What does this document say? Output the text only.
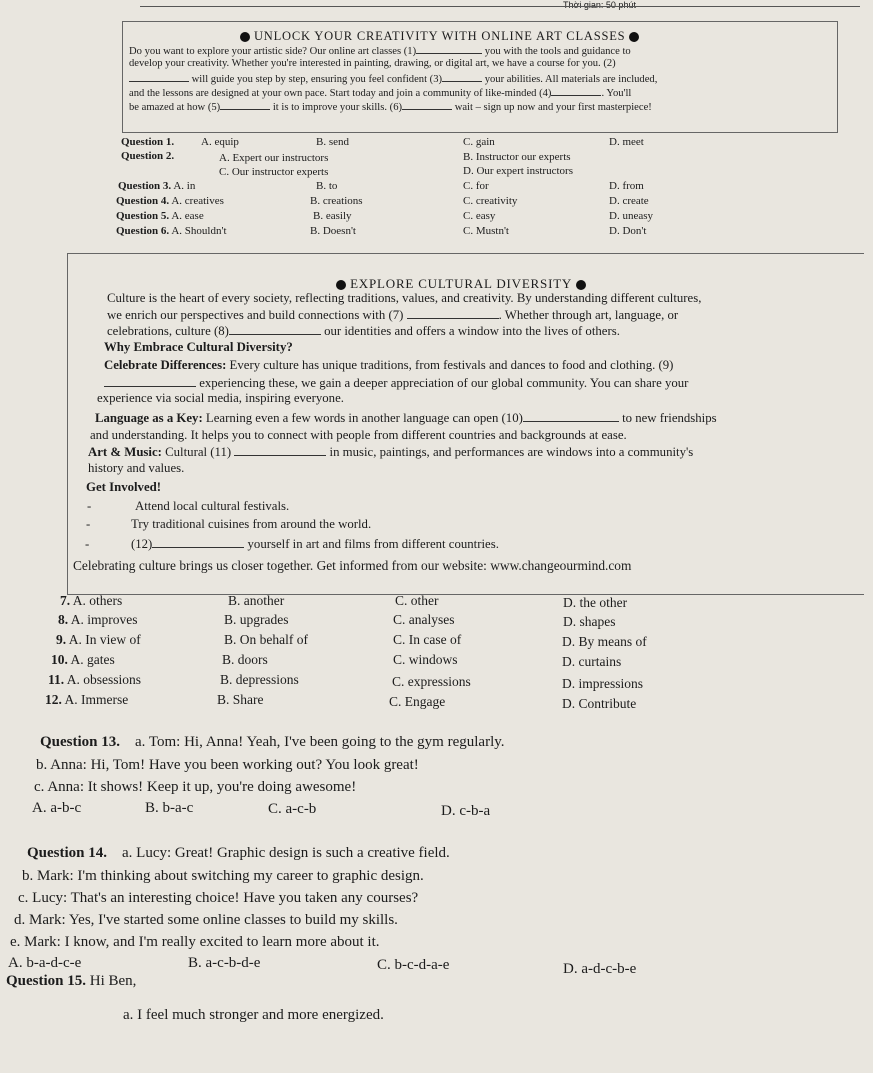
Thời gian: 50 phút
UNLOCK YOUR CREATIVITY WITH ONLINE ART CLASSES
Do you want to explore your artistic side? Our online art classes (1)	you with the tools and guidance to
develop your creativity. Whether you're interested in painting, drawing, or digital art, we have a course for you. (2)
will guide you step by step, ensuring you feel confident (3)	your abilities. All materials are included,
and the lessons are designed at your own pace. Start today and join a community of like-minded (4)	. You'll
be amazed at how (5)	it is to improve your skills. (6)	wait – sign up now and your first masterpiece!
Question 1. A. equip	B. send	C. gain	D. meet
Question 2.	A. Expert our instructors	B. Instructor our experts
C. Our instructor experts	D. Our expert instructors
Question 3. A. in	B. to	C. for	D. from
Question 4. A. creatives	B. creations	C. creativity	D. create
Question 5. A. ease	B. easily	C. easy	D. uneasy
Question 6. A. Shouldn't	B. Doesn't	C. Mustn't	D. Don't
EXPLORE CULTURAL DIVERSITY
Culture is the heart of every society, reflecting traditions, values, and creativity. By understanding different cultures,
we enrich our perspectives and build connections with (7)	. Whether through art, language, or
celebrations, culture (8)	our identities and offers a window into the lives of others.
Why Embrace Cultural Diversity?
Celebrate Differences: Every culture has unique traditions, from festivals and dances to food and clothing. (9)
experiencing these, we gain a deeper appreciation of our global community. You can share your
experience via social media, inspiring everyone.
Language as a Key: Learning even a few words in another language can open (10)	to new friendships
and understanding. It helps you to connect with people from different countries and backgrounds at ease.
Art & Music: Cultural (11)	in music, paintings, and performances are windows into a community's
history and values.
Get Involved!
-	Attend local cultural festivals.
-	Try traditional cuisines from around the world.
-	(12)	yourself in art and films from different countries.
Celebrating culture brings us closer together. Get informed from our website: www.changeourmind.com
7. A. others	B. another	C. other	D. the other
8. A. improves	B. upgrades	C. analyses	D. shapes
9. A. In view of	B. On behalf of	C. In case of	D. By means of
10. A. gates	B. doors	C. windows	D. curtains
11. A. obsessions	B. depressions	C. expressions	D. impressions
12. A. Immerse	B. Share	C. Engage	D. Contribute
Question 13. a. Tom: Hi, Anna! Yeah, I've been going to the gym regularly.
b. Anna: Hi, Tom! Have you been working out? You look great!
c. Anna: It shows! Keep it up, you're doing awesome!
A. a-b-c	B. b-a-c	C. a-c-b	D. c-b-a
Question 14. a. Lucy: Great! Graphic design is such a creative field.
b. Mark: I'm thinking about switching my career to graphic design.
c. Lucy: That's an interesting choice! Have you taken any courses?
d. Mark: Yes, I've started some online classes to build my skills.
e. Mark: I know, and I'm really excited to learn more about it.
A. b-a-d-c-e	B. a-c-b-d-e	C. b-c-d-a-e	D. a-d-c-b-e
Question 15. Hi Ben,
a. I feel much stronger and more energized.
